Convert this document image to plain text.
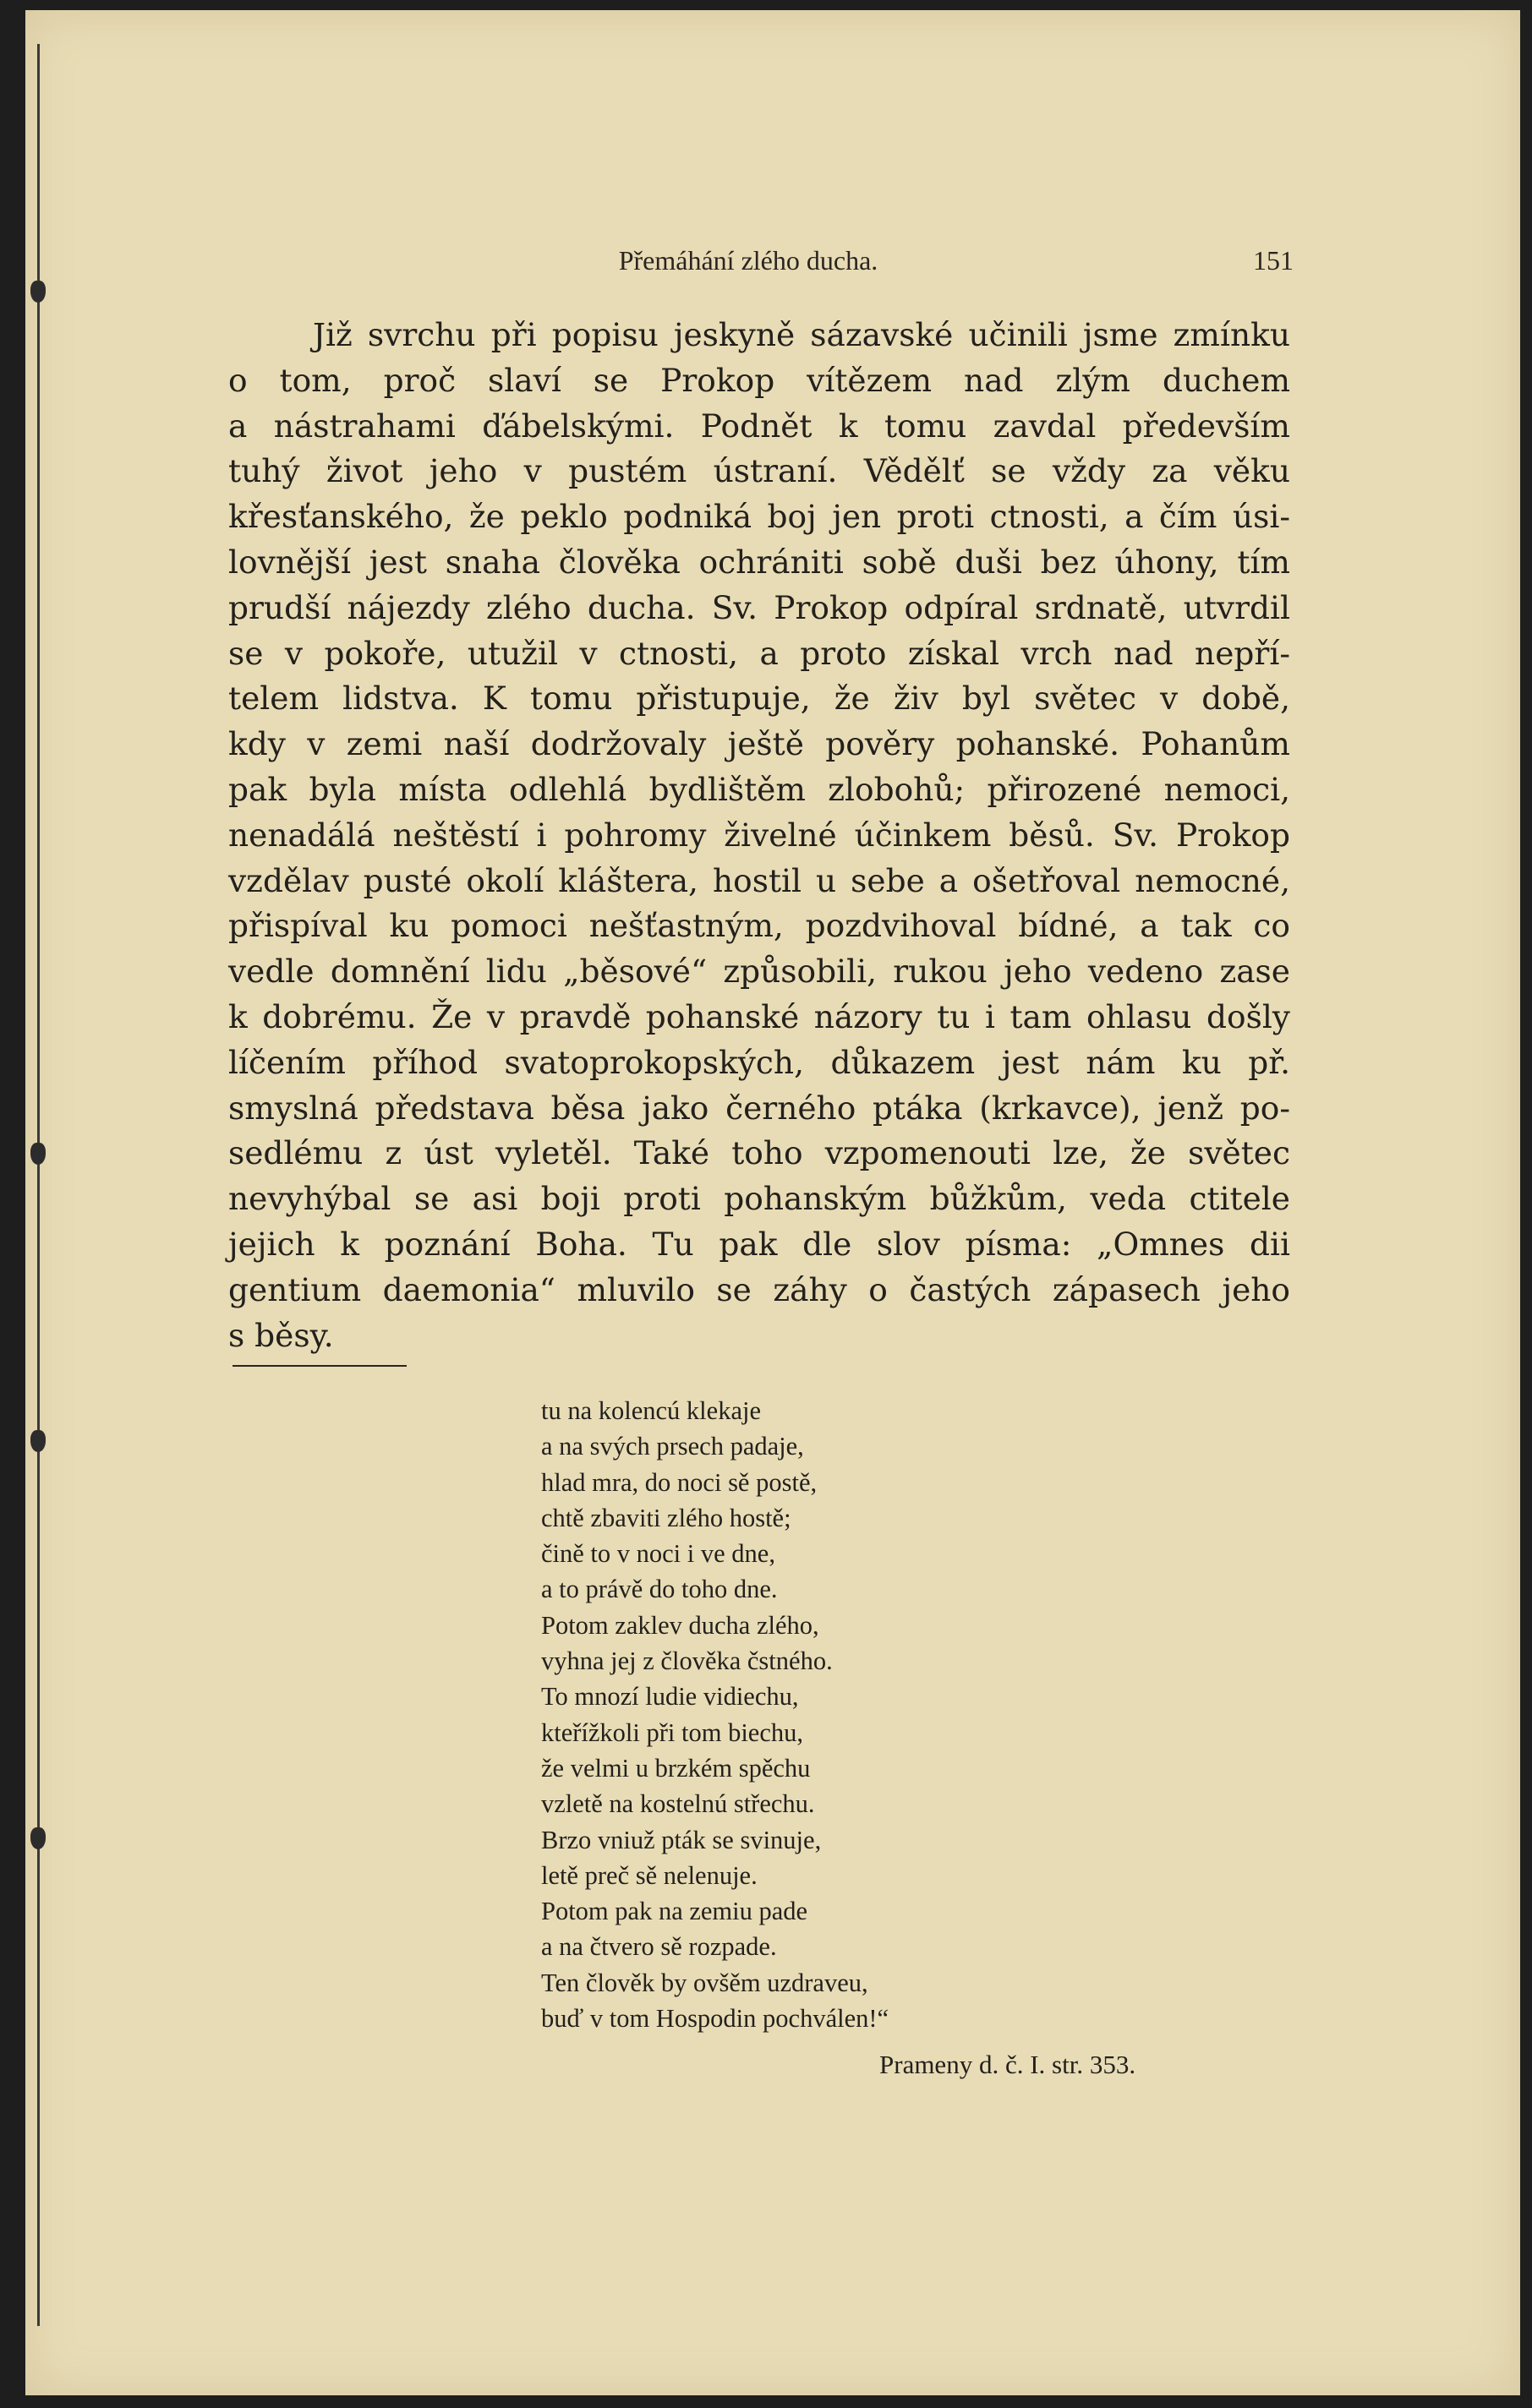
Přemáhání zlého ducha.	151
Již svrchu při popisu jeskyně sázavské učinili jsme zmínku
o tom, proč slaví se Prokop vítězem nad zlým duchem
a nástrahami ďábelskými. Podnět k tomu zavdal především
tuhý život jeho v pustém ústraní. Vědělť se vždy za věku
křesťanského, že peklo podniká boj jen proti ctnosti, a čím úsi-
lovnější jest snaha člověka ochrániti sobě duši bez úhony, tím
prudší nájezdy zlého ducha. Sv. Prokop odpíral srdnatě, utvrdil
se v pokoře, utužil v ctnosti, a proto získal vrch nad nepří-
telem lidstva. K tomu přistupuje, že živ byl světec v době,
kdy v zemi naší dodržovaly ještě pověry pohanské. Pohanům
pak byla místa odlehlá bydlištěm zlobohů; přirozené nemoci,
nenadálá neštěstí i pohromy živelné účinkem běsů. Sv. Prokop
vzdělav pusté okolí kláštera, hostil u sebe a ošetřoval nemocné,
přispíval ku pomoci nešťastným, pozdvihoval bídné, a tak co
vedle domnění lidu „běsové“ způsobili, rukou jeho vedeno zase
k dobrému. Že v pravdě pohanské názory tu i tam ohlasu došly
líčením příhod svatoprokopských, důkazem jest nám ku př.
smyslná představa běsa jako černého ptáka (krkavce), jenž po-
sedlému z úst vyletěl. Také toho vzpomenouti lze, že světec
nevyhýbal se asi boji proti pohanským bůžkům, veda ctitele
jejich k poznání Boha. Tu pak dle slov písma: „Omnes dii
gentium daemonia“ mluvilo se záhy o častých zápasech jeho
s běsy.
tu na kolencú klekaje
a na svých prsech padaje,
hlad mra, do noci sě postě,
chtě zbaviti zlého hostě;
čině to v noci i ve dne,
a to právě do toho dne.
Potom zaklev ducha zlého,
vyhna jej z člověka čstného.
To mnozí ludie vidiechu,
kteřížkoli při tom biechu,
že velmi u brzkém spěchu
vzletě na kostelnú střechu.
Brzo vniuž pták se svinuje,
letě preč sě nelenuje.
Potom pak na zemiu pade
a na čtvero sě rozpade.
Ten člověk by ovšěm uzdraveu,
buď v tom Hospodin pochválen!“
Prameny d. č. I. str. 353.
